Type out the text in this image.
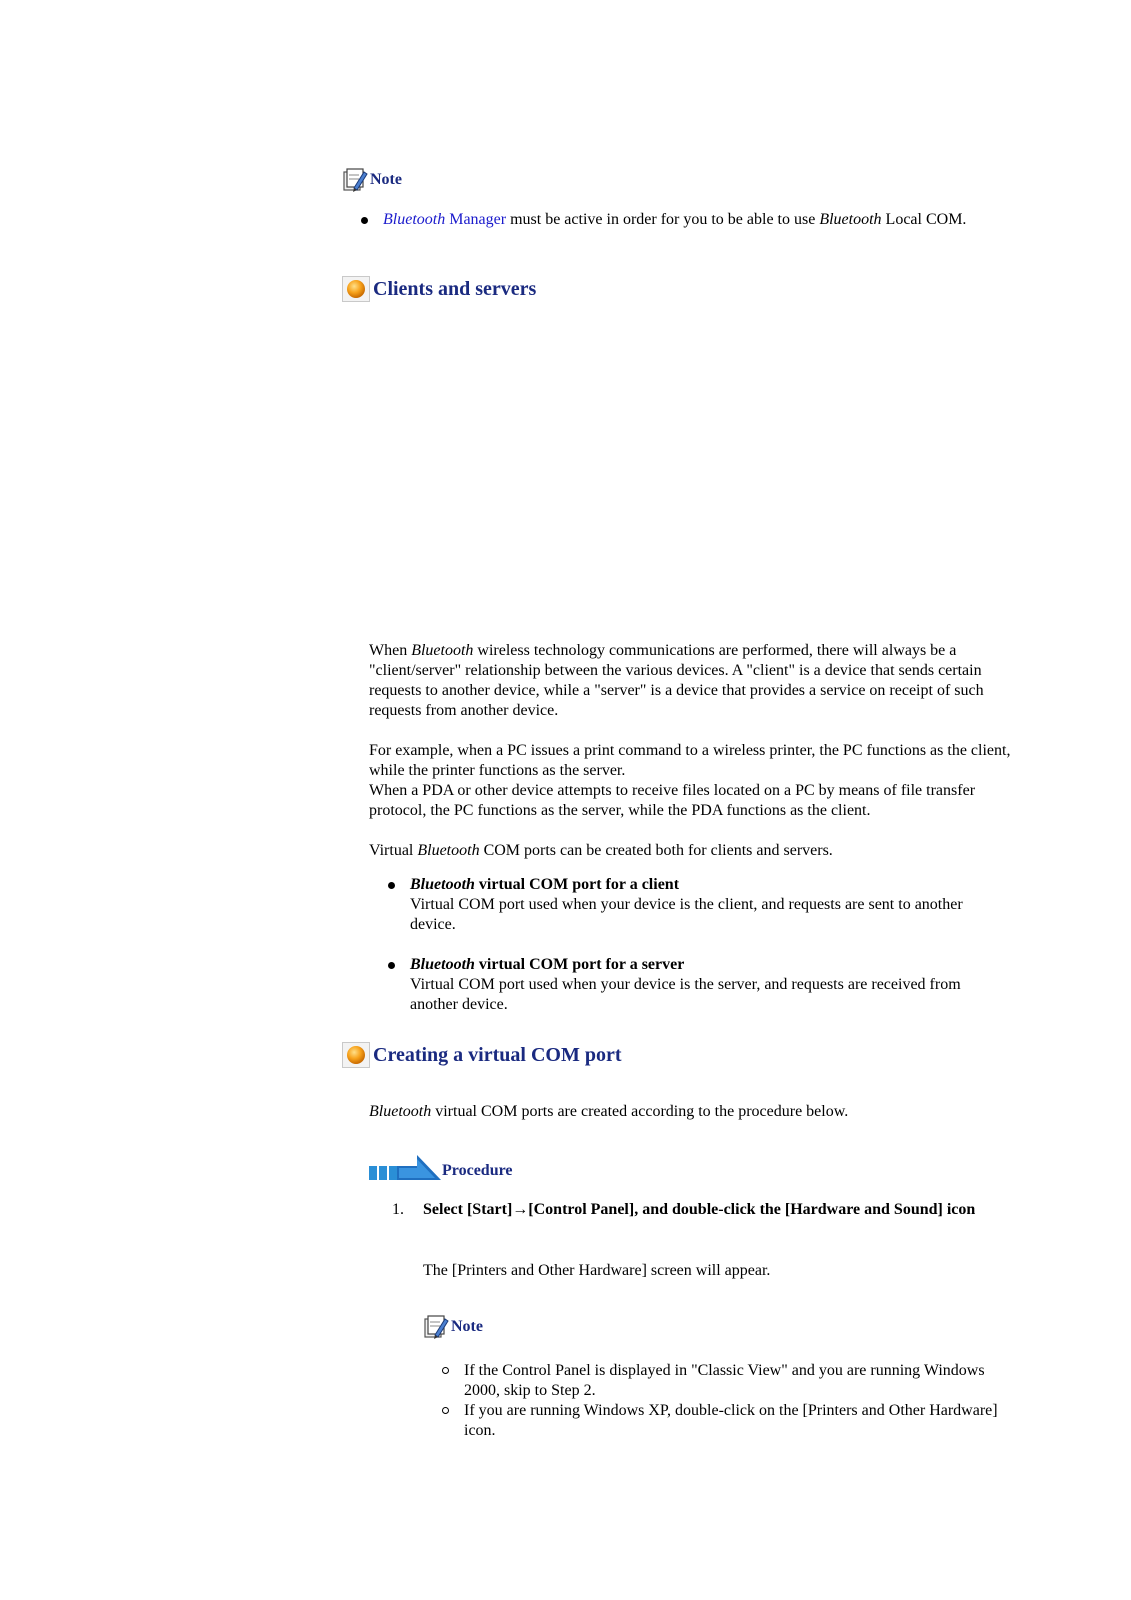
Note
Bluetooth Manager must be active in order for you to be able to use Bluetooth Local COM.
Clients and servers

When Bluetooth wireless technology communications are performed, there will always be a "client/server" relationship between the various devices. A "client" is a device that sends certain requests to another device, while a "server" is a device that provides a service on receipt of such requests from another device.

For example, when a PC issues a print command to a wireless printer, the PC functions as the client, while the printer functions as the server.

When a PDA or other device attempts to receive files located on a PC by means of file transfer protocol, the PC functions as the server, while the PDA functions as the client.

Virtual Bluetooth COM ports can be created both for clients and servers.

Bluetooth virtual COM port for a client
Virtual COM port used when your device is the client, and requests are sent to another device.
Bluetooth virtual COM port for a server
Virtual COM port used when your device is the server, and requests are received from another device.
Creating a virtual COM port

Bluetooth virtual COM ports are created according to the procedure below.

Procedure
1. Select [Start]→[Control Panel], and double-click the [Hardware and Sound] icon

The [Printers and Other Hardware] screen will appear.

Note
If the Control Panel is displayed in "Classic View" and you are running Windows 2000, skip to Step 2.
If you are running Windows XP, double-click on the [Printers and Other Hardware] icon.
